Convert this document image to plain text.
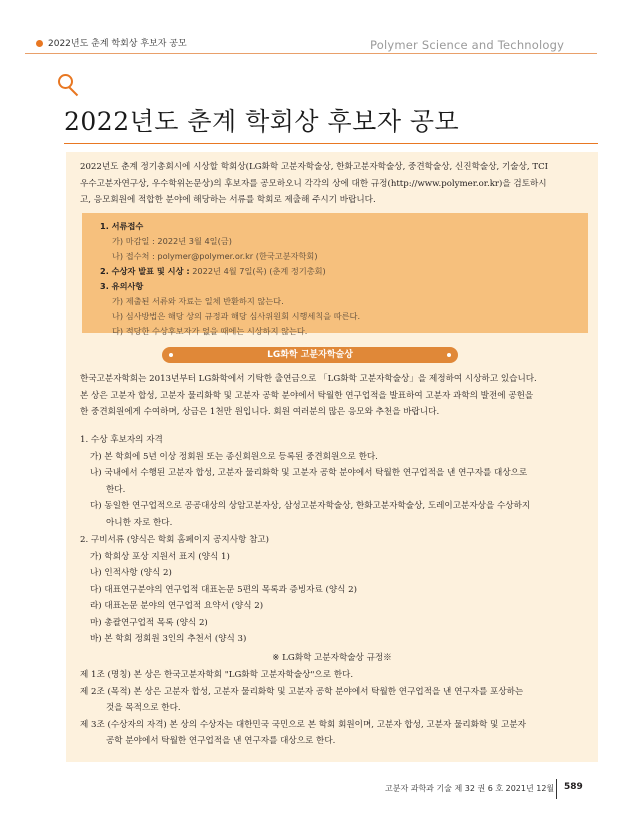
2022년도 춘계 학회상 후보자 공모	Polymer Science and Technology
2022년도 춘계 학회상 후보자 공모
2022년도 춘계 정기총회시에 시상할 학회상(LG화학 고분자학술상, 한화고분자학술상, 중견학술상, 신진학술상, 기술상, TCI
우수고분자연구상, 우수학위논문상)의 후보자를 공모하오니 각각의 상에 대한 규정(http://www.polymer.or.kr)을 검토하시
고, 응모회원에 적합한 분야에 해당하는 서류를 학회로 제출해 주시기 바랍니다.
1. 서류접수
가) 마감일 : 2022년 3월 4일(금)
나) 접수처 : polymer@polymer.or.kr (한국고분자학회)
2. 수상자 발표 및 시상 : 2022년 4월 7일(목) (춘계 정기총회)
3. 유의사항
가) 제출된 서류와 자료는 일체 반환하지 않는다.
나) 심사방법은 해당 상의 규정과 해당 심사위원회 시행세칙을 따른다.
다) 적당한 수상후보자가 없을 때에는 시상하지 않는다.
LG화학 고분자학술상
한국고분자학회는 2013년부터 LG화학에서 기탁한 출연금으로 「LG화학 고분자학술상」을 제정하여 시상하고 있습니다.
본 상은 고분자 합성, 고분자 물리화학 및 고분자 공학 분야에서 탁월한 연구업적을 발표하여 고분자 과학의 발전에 공헌을
한 중견회원에게 수여하며, 상금은 1천만 원입니다. 회원 여러분의 많은 응모와 추천을 바랍니다.
1. 수상 후보자의 자격
가) 본 학회에 5년 이상 정회원 또는 종신회원으로 등록된 중견회원으로 한다.
나) 국내에서 수행된 고분자 합성, 고분자 물리화학 및 고분자 공학 분야에서 탁월한 연구업적을 낸 연구자를 대상으로
한다.
다) 동일한 연구업적으로 공공대상의 상암고분자상, 삼성고분자학술상, 한화고분자학술상, 도레이고분자상을 수상하지
아니한 자로 한다.
2. 구비서류 (양식은 학회 홈페이지 공지사항 참고)
가) 학회상 포상 지원서 표지 (양식 1)
나) 인적사항 (양식 2)
다) 대표연구분야의 연구업적 대표논문 5편의 목록과 증빙자료 (양식 2)
라) 대표논문 분야의 연구업적 요약서 (양식 2)
마) 총괄연구업적 목록 (양식 2)
바) 본 학회 정회원 3인의 추천서 (양식 3)
※ LG화학 고분자학술상 규정※
제 1조 (명칭) 본 상은 한국고분자학회 "LG화학 고분자학술상"으로 한다.
제 2조 (목적) 본 상은 고분자 합성, 고분자 물리화학 및 고분자 공학 분야에서 탁월한 연구업적을 낸 연구자를 포상하는
것을 목적으로 한다.
제 3조 (수상자의 자격) 본 상의 수상자는 대한민국 국민으로 본 학회 회원이며, 고분자 합성, 고분자 물리화학 및 고분자
공학 분야에서 탁월한 연구업적을 낸 연구자를 대상으로 한다.
고분자 과학과 기술 제 32 권 6 호 2021년 12월 589
